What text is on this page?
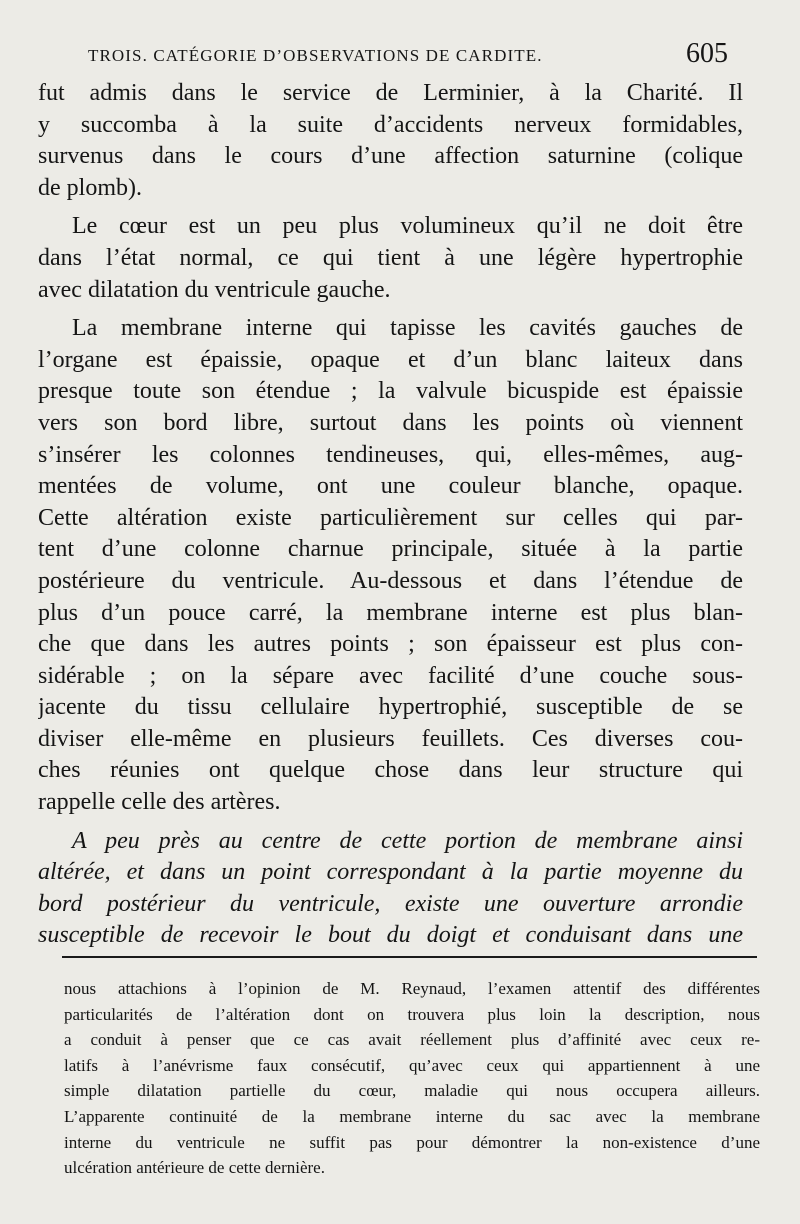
TROIS. CATÉGORIE D’OBSERVATIONS DE CARDITE.	605
fut admis dans le service de Lerminier, à la Charité. Il
y succomba à la suite d’accidents nerveux formidables,
survenus dans le cours d’une affection saturnine (colique
de plomb).
Le cœur est un peu plus volumineux qu’il ne doit être
dans l’état normal, ce qui tient à une légère hypertrophie
avec dilatation du ventricule gauche.
La membrane interne qui tapisse les cavités gauches de
l’organe est épaissie, opaque et d’un blanc laiteux dans
presque toute son étendue ; la valvule bicuspide est épaissie
vers son bord libre, surtout dans les points où viennent
s’insérer les colonnes tendineuses, qui, elles-mêmes, aug-
mentées de volume, ont une couleur blanche, opaque.
Cette altération existe particulièrement sur celles qui par-
tent d’une colonne charnue principale, située à la partie
postérieure du ventricule. Au-dessous et dans l’étendue de
plus d’un pouce carré, la membrane interne est plus blan-
che que dans les autres points ; son épaisseur est plus con-
sidérable ; on la sépare avec facilité d’une couche sous-
jacente du tissu cellulaire hypertrophié, susceptible de se
diviser elle-même en plusieurs feuillets. Ces diverses cou-
ches réunies ont quelque chose dans leur structure qui
rappelle celle des artères.
A peu près au centre de cette portion de membrane ainsi
altérée, et dans un point correspondant à la partie moyenne du
bord postérieur du ventricule, existe une ouverture arrondie
susceptible de recevoir le bout du doigt et conduisant dans une
nous attachions à l’opinion de M. Reynaud, l’examen attentif des différentes
particularités de l’altération dont on trouvera plus loin la description, nous
a conduit à penser que ce cas avait réellement plus d’affinité avec ceux re-
latifs à l’anévrisme faux consécutif, qu’avec ceux qui appartiennent à une
simple dilatation partielle du cœur, maladie qui nous occupera ailleurs.
L’apparente continuité de la membrane interne du sac avec la membrane
interne du ventricule ne suffit pas pour démontrer la non-existence d’une
ulcération antérieure de cette dernière.
